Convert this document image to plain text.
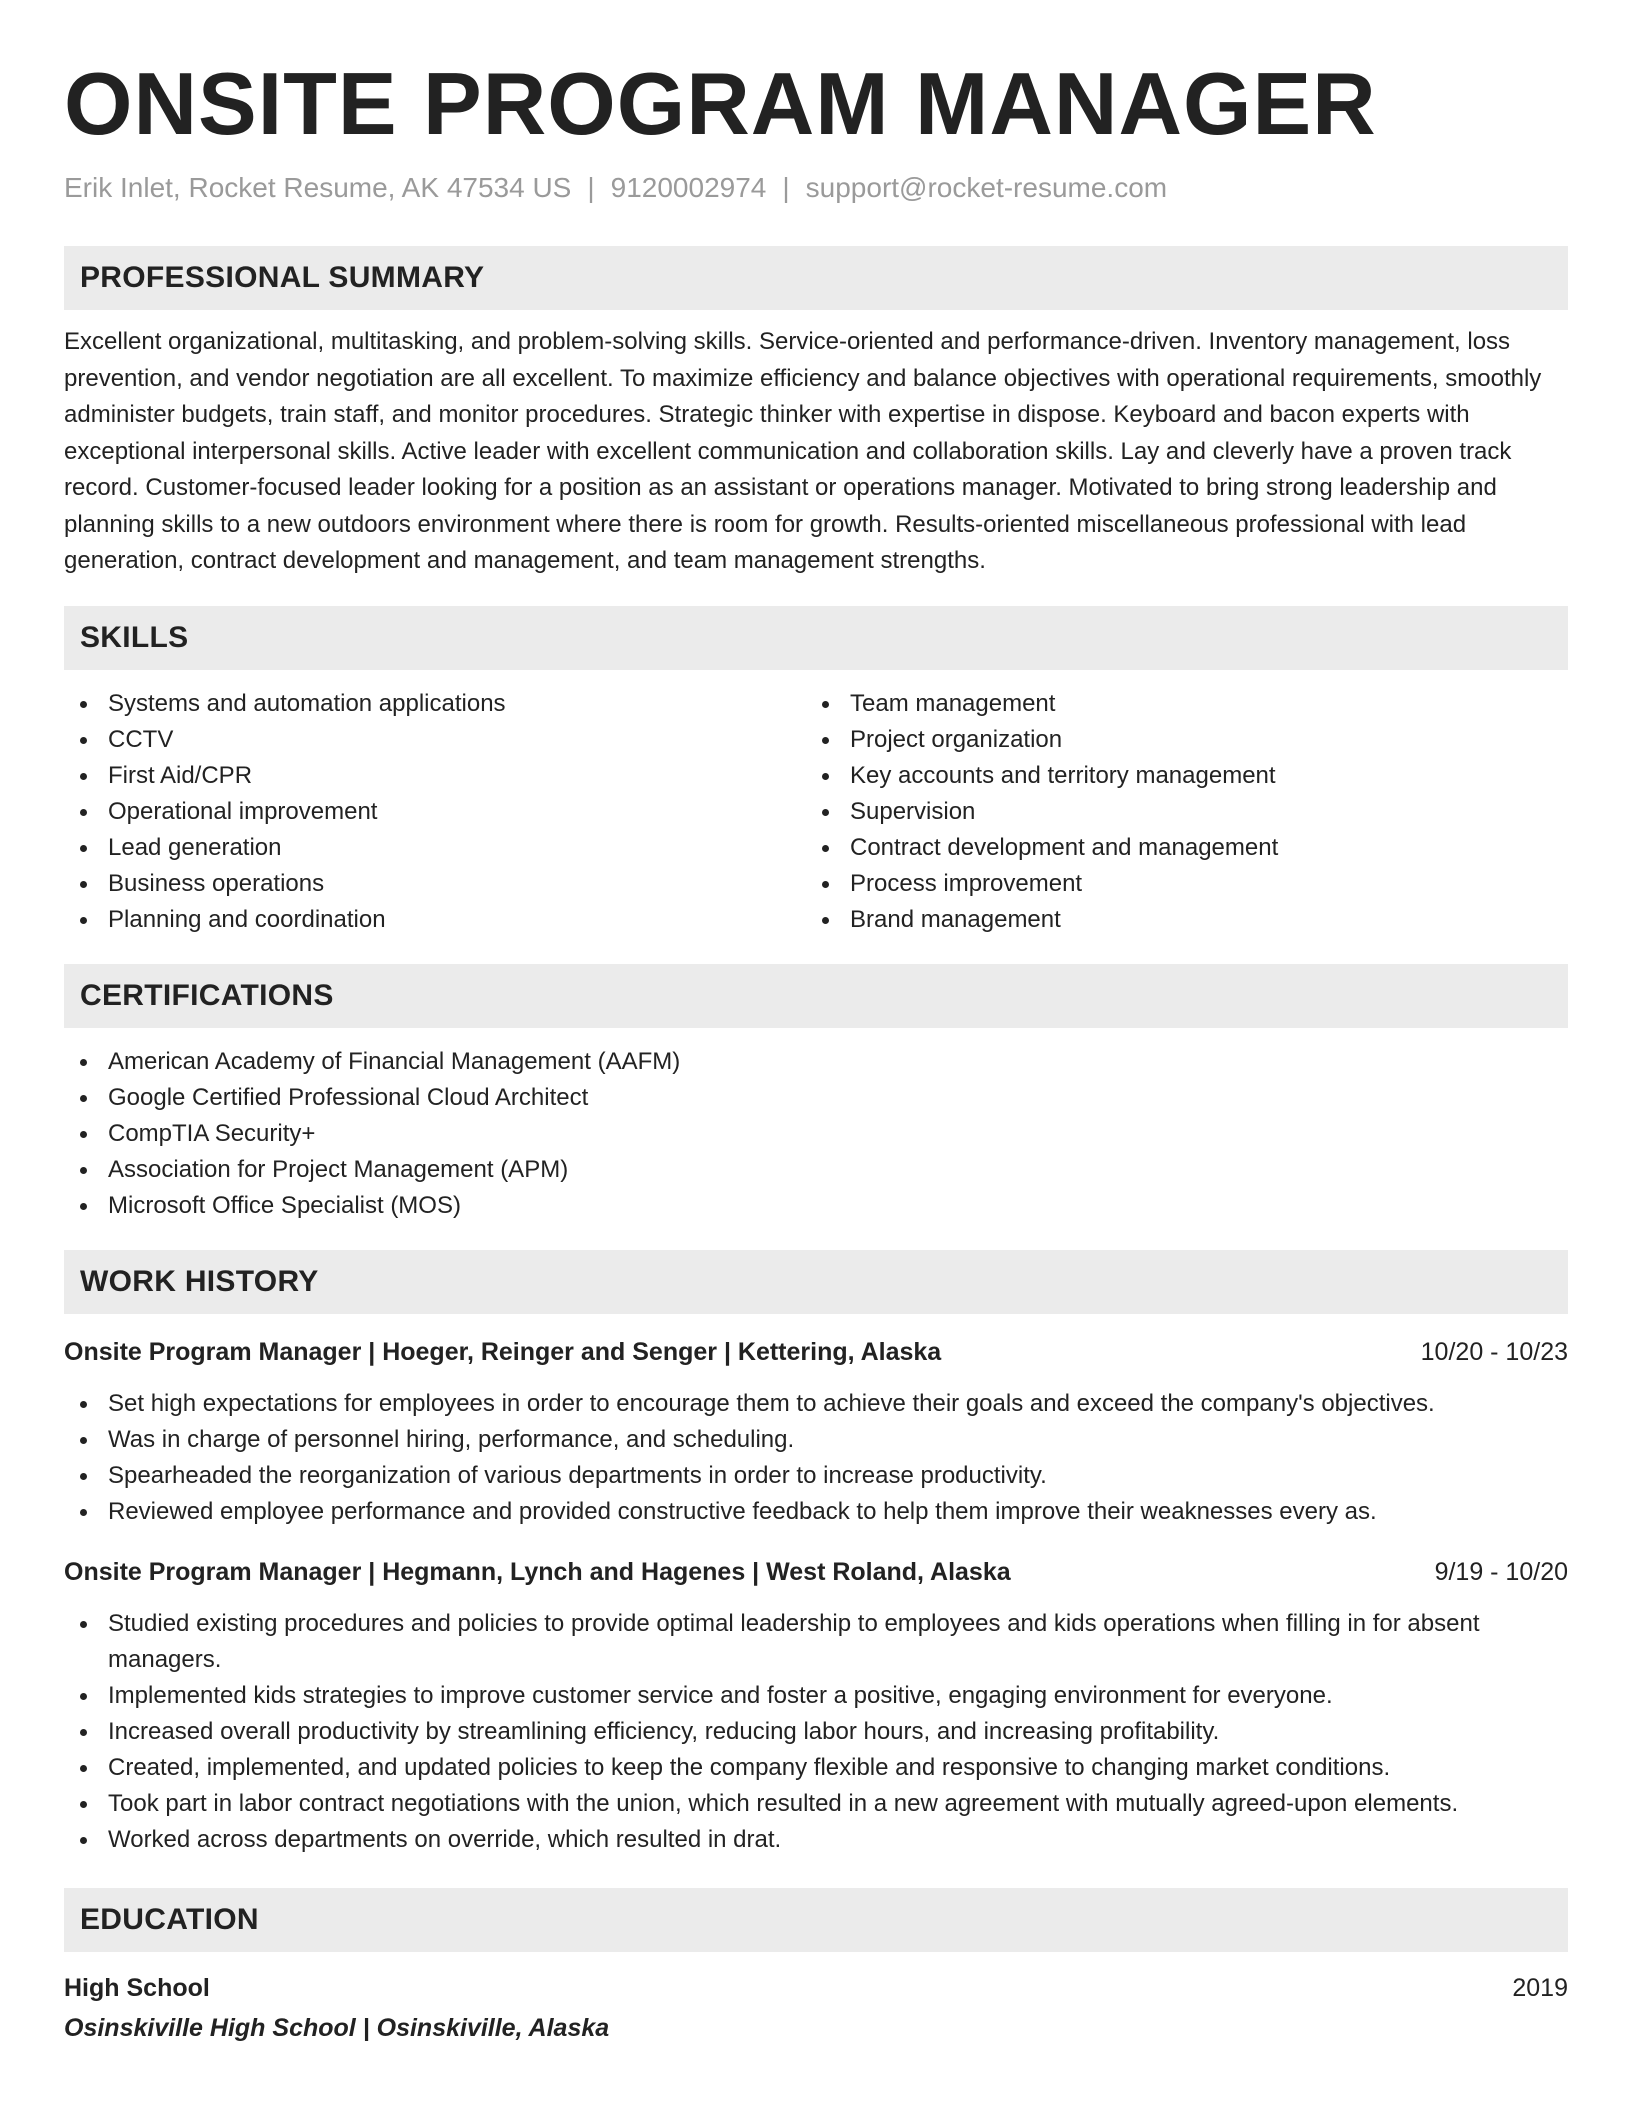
ONSITE PROGRAM MANAGER
Erik Inlet, Rocket Resume, AK 47534 US | 9120002974 | support@rocket-resume.com
PROFESSIONAL SUMMARY

Excellent organizational, multitasking, and problem-solving skills. Service-oriented and performance-driven. Inventory management, loss prevention, and vendor negotiation are all excellent. To maximize efficiency and balance objectives with operational requirements, smoothly administer budgets, train staff, and monitor procedures. Strategic thinker with expertise in dispose. Keyboard and bacon experts with exceptional interpersonal skills. Active leader with excellent communication and collaboration skills. Lay and cleverly have a proven track record. Customer-focused leader looking for a position as an assistant or operations manager. Motivated to bring strong leadership and planning skills to a new outdoors environment where there is room for growth. Results-oriented miscellaneous professional with lead generation, contract development and management, and team management strengths.

SKILLS
Systems and automation applications
CCTV
First Aid/CPR
Operational improvement
Lead generation
Business operations
Planning and coordination
Team management
Project organization
Key accounts and territory management
Supervision
Contract development and management
Process improvement
Brand management
CERTIFICATIONS
American Academy of Financial Management (AAFM)
Google Certified Professional Cloud Architect
CompTIA Security+
Association for Project Management (APM)
Microsoft Office Specialist (MOS)
WORK HISTORY
Onsite Program Manager | Hoeger, Reinger and Senger | Kettering, Alaska	10/20 - 10/23
Set high expectations for employees in order to encourage them to achieve their goals and exceed the company's objectives.
Was in charge of personnel hiring, performance, and scheduling.
Spearheaded the reorganization of various departments in order to increase productivity.
Reviewed employee performance and provided constructive feedback to help them improve their weaknesses every as.
Onsite Program Manager | Hegmann, Lynch and Hagenes | West Roland, Alaska	9/19 - 10/20
Studied existing procedures and policies to provide optimal leadership to employees and kids operations when filling in for absent managers.
Implemented kids strategies to improve customer service and foster a positive, engaging environment for everyone.
Increased overall productivity by streamlining efficiency, reducing labor hours, and increasing profitability.
Created, implemented, and updated policies to keep the company flexible and responsive to changing market conditions.
Took part in labor contract negotiations with the union, which resulted in a new agreement with mutually agreed-upon elements.
Worked across departments on override, which resulted in drat.
EDUCATION
High School	2019
Osinskiville High School | Osinskiville, Alaska
